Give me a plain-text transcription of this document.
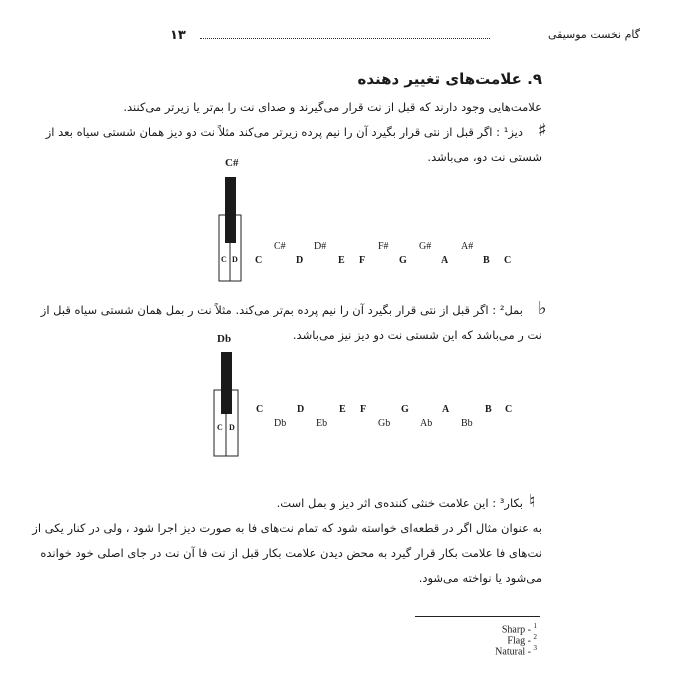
گام نخست موسیقی
۱۳
۹. علامت‌های تغییر دهنده
علامت‌هایی وجود دارند که قبل از نت قرار می‌گیرند و صدای نت را بم‌تر یا زیرتر می‌کنند.
♯
دیز¹ : اگر قبل از نتی قرار بگیرد آن را نیم پرده زیرتر می‌کند مثلاً نت دو دیز همان شستی سیاه بعد از
شستی نت دو، می‌باشد.
C#
C D
C#	D#	F#	G#	A#
C	D	E F	G	A	B C
♭
بمل² : اگر قبل از نتی قرار بگیرد آن را نیم پرده بم‌تر می‌کند. مثلاً نت ر بمل همان شستی سیاه قبل از
نت ر می‌باشد که این شستی نت دو دیز نیز می‌باشد.
Db
C D
C	D	E F	G	A	B C
Db	Eb	Gb	Ab	Bb
♮
بکار³ : این علامت خنثی کننده‌ی اثر دیز و بمل است.
به عنوان مثال اگر در قطعه‌ای خواسته شود که تمام نت‌های فا به صورت دیز اجرا شود ، ولی در کنار یکی از
نت‌های فا علامت بکار قرار گیرد به محض دیدن علامت بکار قبل از نت فا آن نت در جای اصلی خود خوانده
می‌شود یا نواخته می‌شود.
Sharp - $^1$
Flag - $^2$
Natural - $^3$
